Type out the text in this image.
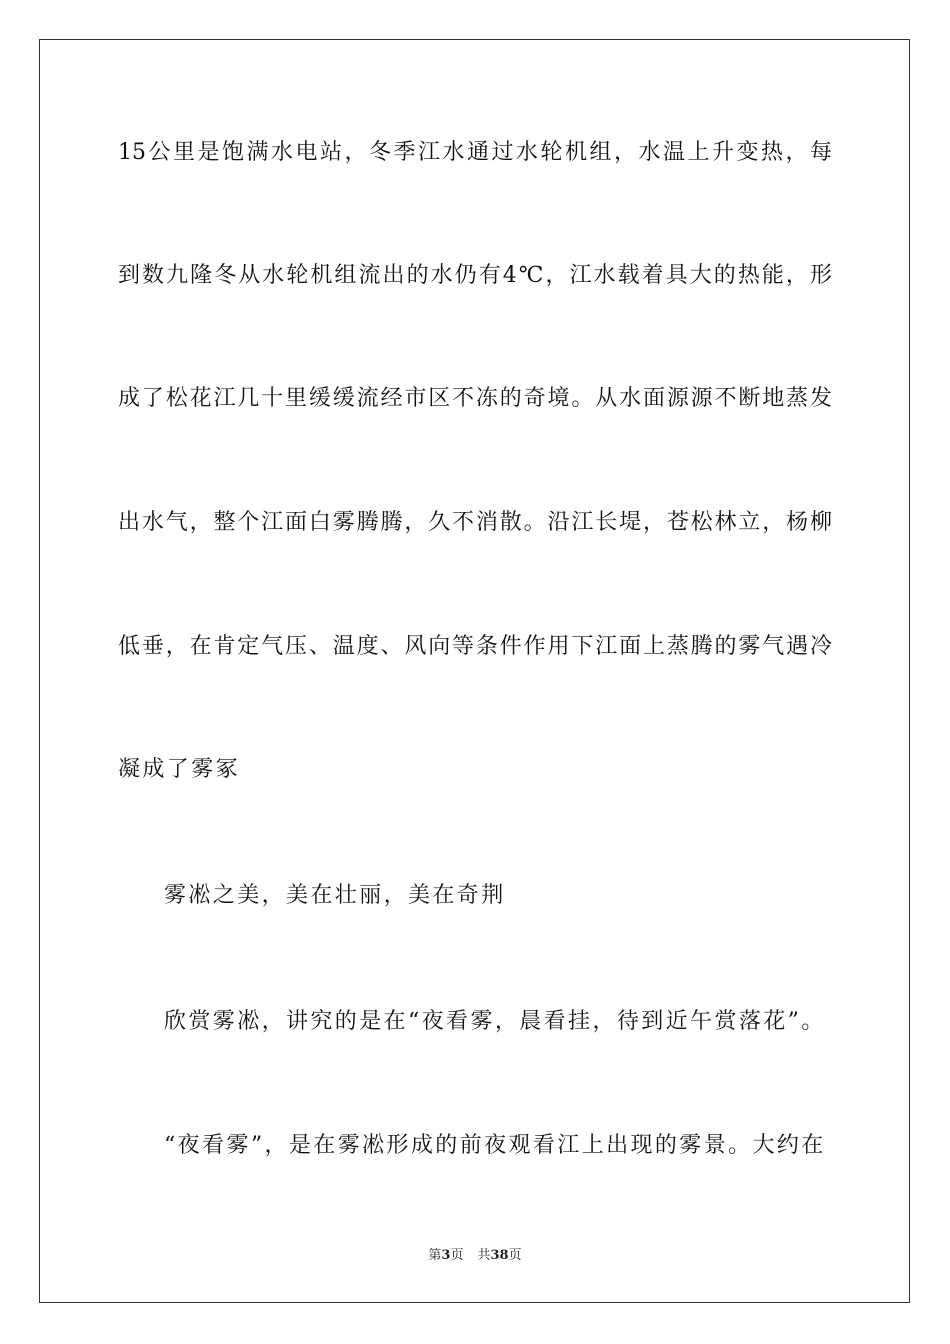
15公里是饱满水电站，冬季江水通过水轮机组，水温上升变热，每
到数九隆冬从水轮机组流出的水仍有4℃，江水载着具大的热能，形
成了松花江几十里缓缓流经市区不冻的奇境。从水面源源不断地蒸发
出水气，整个江面白雾腾腾，久不消散。沿江长堤，苍松林立，杨柳
低垂，在肯定气压、温度、风向等条件作用下江面上蒸腾的雾气遇冷
凝成了雾冢
雾凇之美，美在壮丽，美在奇荆
欣赏雾凇，讲究的是在“夜看雾，晨看挂，待到近午赏落花”。
“夜看雾”，是在雾凇形成的前夜观看江上出现的雾景。大约在
第3页 共38页
